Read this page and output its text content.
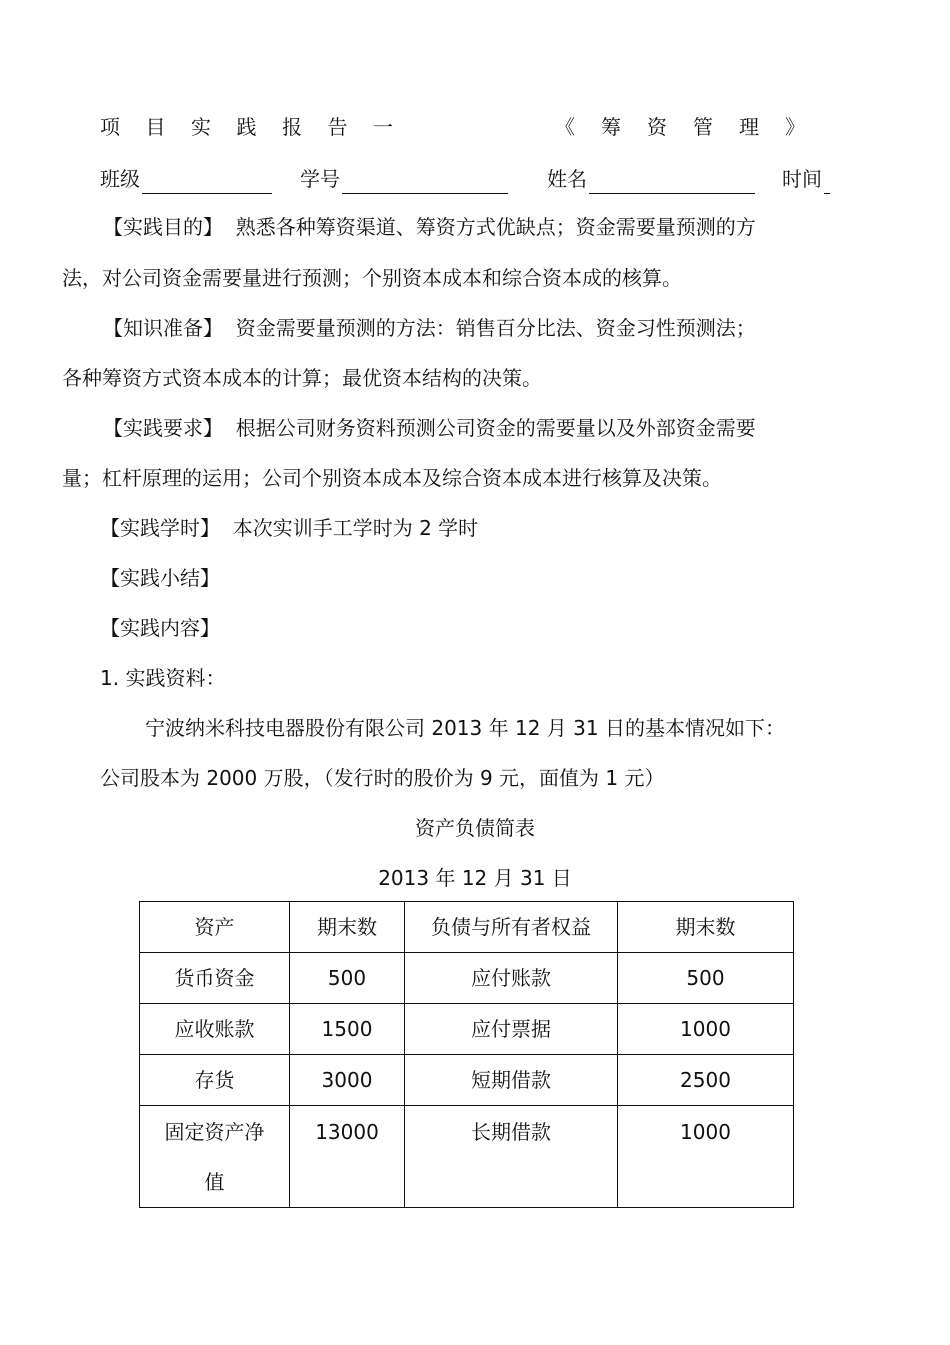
项目实践报告一	《筹资管理》
班级	学号	姓名	时间
【实践目的】 熟悉各种筹资渠道、筹资方式优缺点；资金需要量预测的方
法，对公司资金需要量进行预测；个别资本成本和综合资本成的核算。
【知识准备】 资金需要量预测的方法：销售百分比法、资金习性预测法；
各种筹资方式资本成本的计算；最优资本结构的决策。
【实践要求】 根据公司财务资料预测公司资金的需要量以及外部资金需要
量；杠杆原理的运用；公司个别资本成本及综合资本成本进行核算及决策。
【实践学时】 本次实训手工学时为 2 学时
【实践小结】
【实践内容】
1. 实践资料：
宁波纳米科技电器股份有限公司 2013 年 12 月 31 日的基本情况如下：
公司股本为 2000 万股，（发行时的股价为 9 元，面值为 1 元）
资产负债简表
2013 年 12 月 31 日
资产	期末数	负债与所有者权益	期末数
货币资金	500	应付账款	500
应收账款	1500	应付票据	1000
存货	3000	短期借款	2500

固定资产净值	13000	长期借款	1000
